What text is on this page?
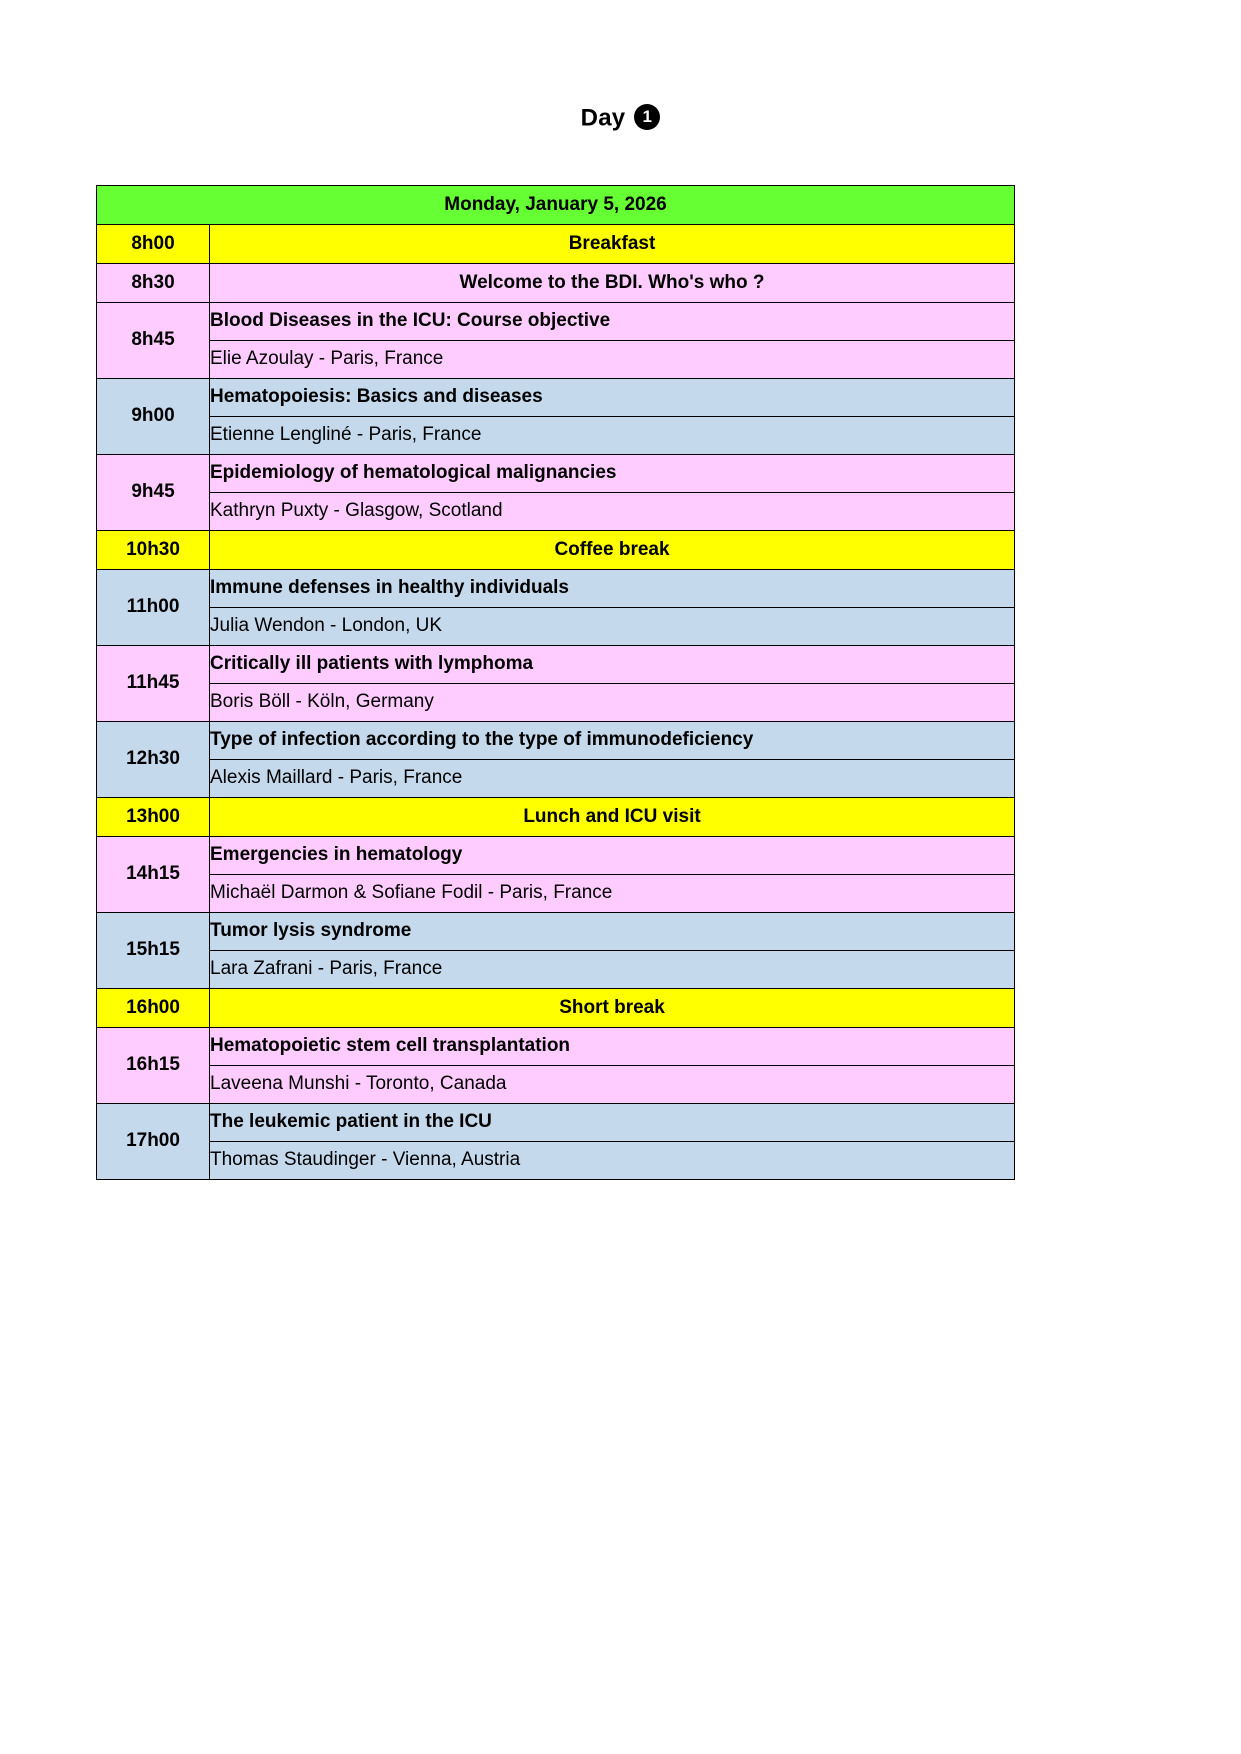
Day 1
Monday, January 5, 2026	
8h00	Breakfast
8h30	Welcome to the BDI. Who's who ?
8h45	Blood Diseases in the ICU: Course objective
	Elie Azoulay - Paris, France
9h00	Hematopoiesis: Basics and diseases
	Etienne Lengliné - Paris, France
9h45	Epidemiology of hematological malignancies
	Kathryn Puxty - Glasgow, Scotland
10h30	Coffee break
11h00	Immune defenses in healthy individuals
	Julia Wendon - London, UK
11h45	Critically ill patients with lymphoma
	Boris Böll - Köln, Germany
12h30	Type of infection according to the type of immunodeficiency
	Alexis Maillard - Paris, France
13h00	Lunch and ICU visit
14h15	Emergencies in hematology
	Michaël Darmon & Sofiane Fodil - Paris, France
15h15	Tumor lysis syndrome
	Lara Zafrani - Paris, France
16h00	Short break
16h15	Hematopoietic stem cell transplantation
	Laveena Munshi - Toronto, Canada
17h00	The leukemic patient in the ICU
	Thomas Staudinger - Vienna, Austria
